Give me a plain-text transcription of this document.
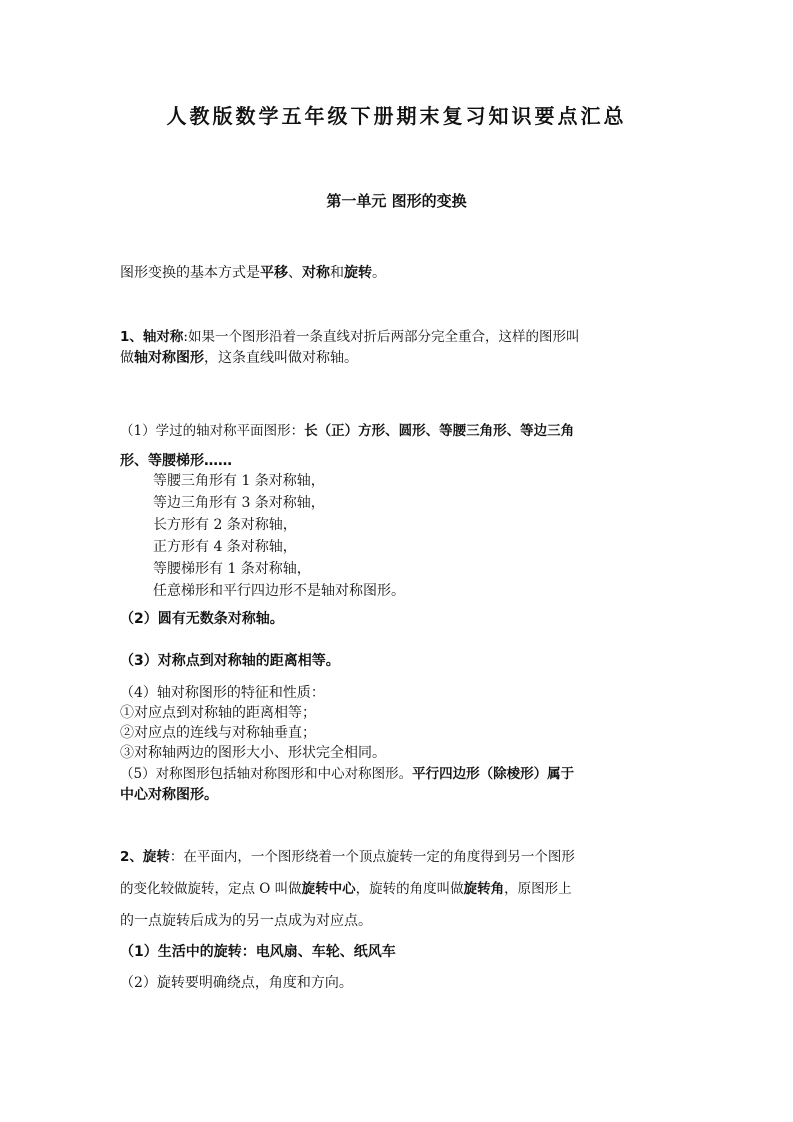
人教版数学五年级下册期末复习知识要点汇总
第一单元 图形的变换
图形变换的基本方式是平移、对称和旋转。
1、轴对称:如果一个图形沿着一条直线对折后两部分完全重合，这样的图形叫
做轴对称图形，这条直线叫做对称轴。
（1）学过的轴对称平面图形：长（正）方形、圆形、等腰三角形、等边三角
形、等腰梯形……
等腰三角形有 1 条对称轴，
等边三角形有 3 条对称轴，
长方形有 2 条对称轴，
正方形有 4 条对称轴，
等腰梯形有 1 条对称轴，
任意梯形和平行四边形不是轴对称图形。
（2）圆有无数条对称轴。
（3）对称点到对称轴的距离相等。
（4）轴对称图形的特征和性质：
①对应点到对称轴的距离相等；
②对应点的连线与对称轴垂直；
③对称轴两边的图形大小、形状完全相同。
（5）对称图形包括轴对称图形和中心对称图形。平行四边形（除棱形）属于
中心对称图形。
2、旋转：在平面内，一个图形绕着一个顶点旋转一定的角度得到另一个图形
的变化较做旋转，定点 O 叫做旋转中心，旋转的角度叫做旋转角，原图形上
的一点旋转后成为的另一点成为对应点。
（1）生活中的旋转：电风扇、车轮、纸风车
（2）旋转要明确绕点，角度和方向。
